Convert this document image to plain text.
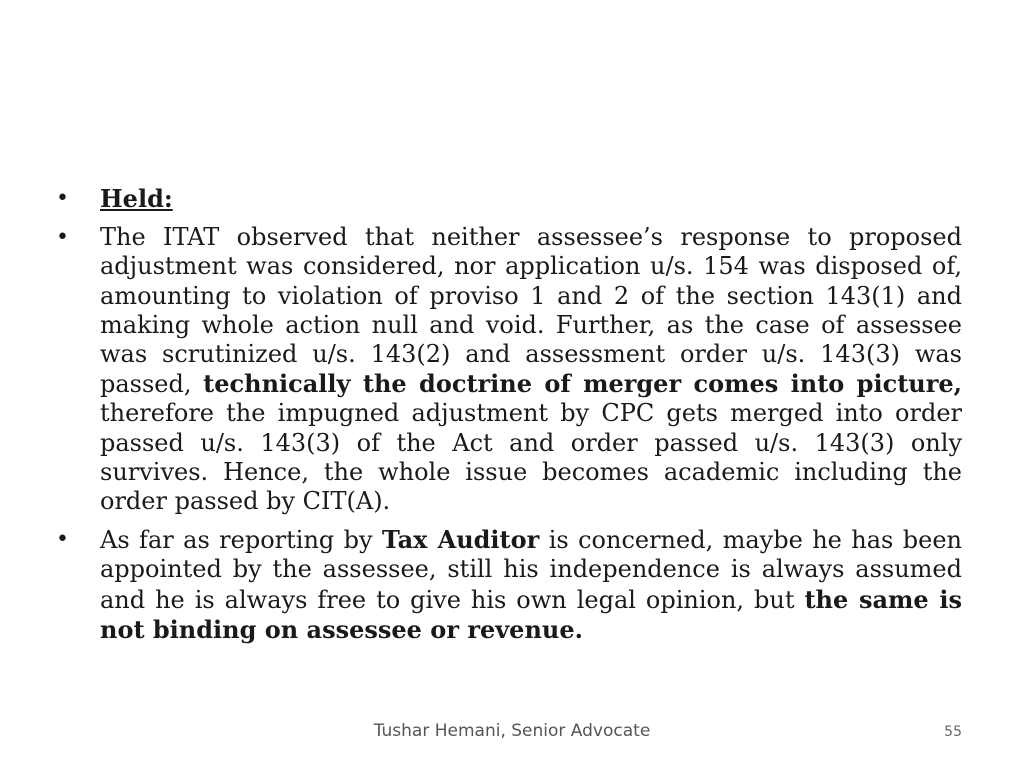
• Held:
• The ITAT observed that neither assessee’s response to proposed adjustment was considered, nor application u/s. 154 was disposed of, amounting to violation of proviso 1 and 2 of the section 143(1) and making whole action null and void. Further, as the case of assessee was scrutinized u/s. 143(2) and assessment order u/s. 143(3) was passed, technically the doctrine of merger comes into picture, therefore the impugned adjustment by CPC gets merged into order passed u/s. 143(3) of the Act and order passed u/s. 143(3) only survives. Hence, the whole issue becomes academic including the order passed by CIT(A).
• As far as reporting by Tax Auditor is concerned, maybe he has been appointed by the assessee, still his independence is always assumed and he is always free to give his own legal opinion, but the same is not binding on assessee or revenue.
Tushar Hemani, Senior Advocate	55
